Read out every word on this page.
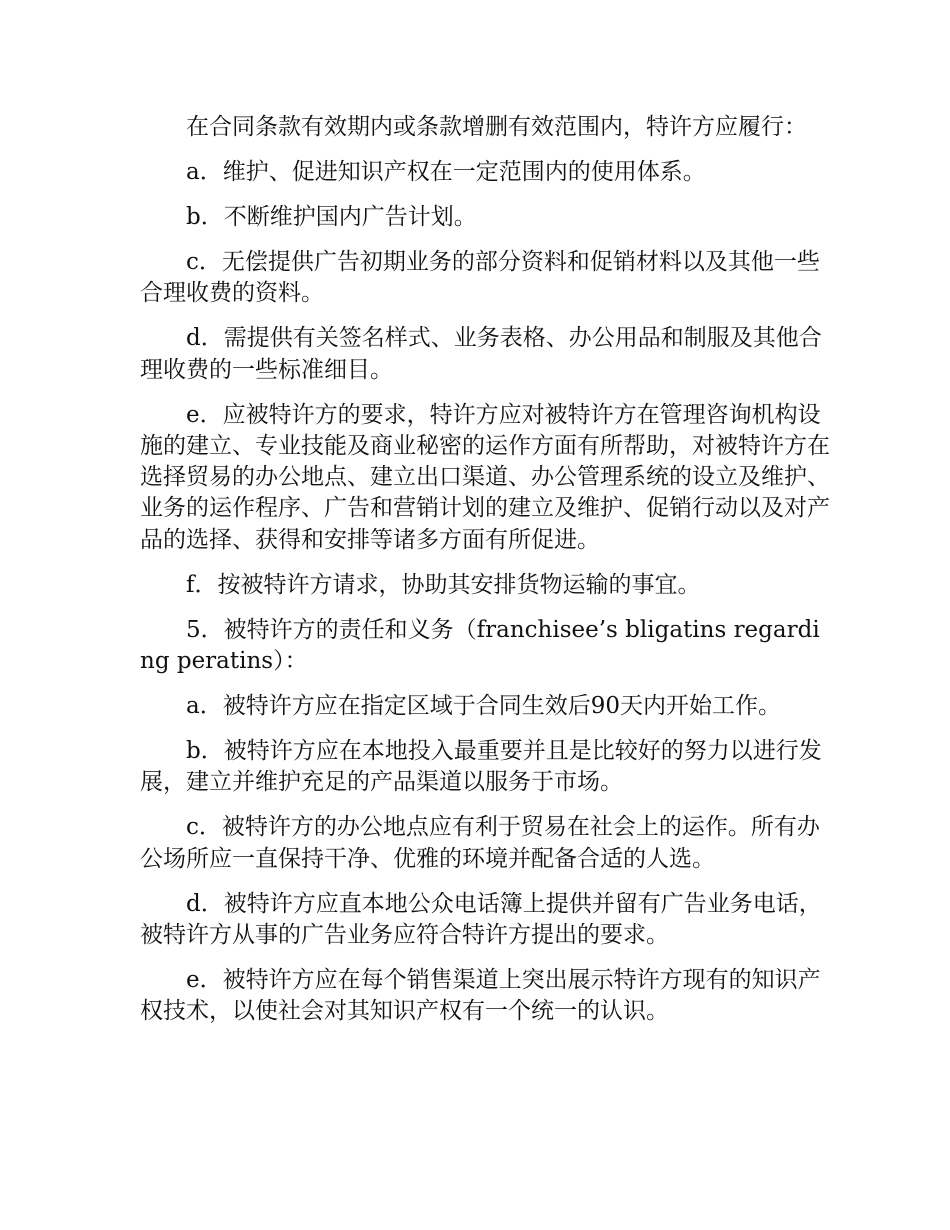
在合同条款有效期内或条款增删有效范围内，特许方应履行：

a．维护、促进知识产权在一定范围内的使用体系。

b．不断维护国内广告计划。

c．无偿提供广告初期业务的部分资料和促销材料以及其他一些合理收费的资料。

d．需提供有关签名样式、业务表格、办公用品和制服及其他合理收费的一些标准细目。

e．应被特许方的要求，特许方应对被特许方在管理咨询机构设施的建立、专业技能及商业秘密的运作方面有所帮助，对被特许方在选择贸易的办公地点、建立出口渠道、办公管理系统的设立及维护、业务的运作程序、广告和营销计划的建立及维护、促销行动以及对产品的选择、获得和安排等诸多方面有所促进。

f．按被特许方请求，协助其安排货物运输的事宜。

5．被特许方的责任和义务（franchisee’s bligatins regarding peratins）：

a．被特许方应在指定区域于合同生效后90天内开始工作。

b．被特许方应在本地投入最重要并且是比较好的努力以进行发展，建立并维护充足的产品渠道以服务于市场。

c．被特许方的办公地点应有利于贸易在社会上的运作。所有办公场所应一直保持干净、优雅的环境并配备合适的人选。

d．被特许方应直本地公众电话簿上提供并留有广告业务电话，被特许方从事的广告业务应符合特许方提出的要求。

e．被特许方应在每个销售渠道上突出展示特许方现有的知识产权技术，以使社会对其知识产权有一个统一的认识。
